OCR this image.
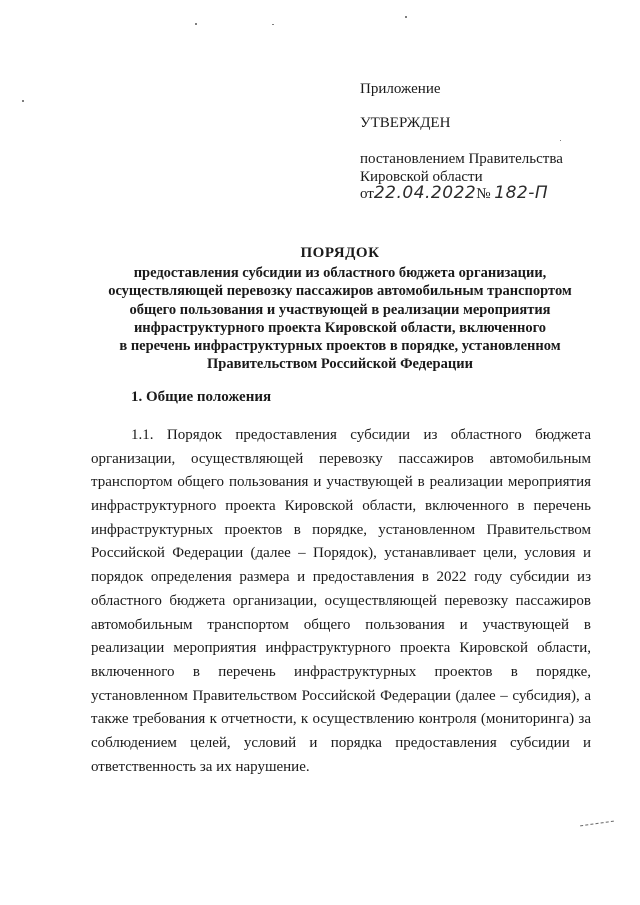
Приложение
УТВЕРЖДЕН
постановлением Правительства
Кировской области
от22.04.2022№ 182-П
ПОРЯДОК
предоставления субсидии из областного бюджета организации,
осуществляющей перевозку пассажиров автомобильным транспортом
общего пользования и участвующей в реализации мероприятия
инфраструктурного проекта Кировской области, включенного
в перечень инфраструктурных проектов в порядке, установленном
Правительством Российской Федерации
1. Общие положения
1.1. Порядок предоставления субсидии из областного бюджета
организации, осуществляющей перевозку пассажиров автомобильным
транспортом общего пользования и участвующей в реализации мероприятия
инфраструктурного проекта Кировской области, включенного в перечень
инфраструктурных проектов в порядке, установленном Правительством
Российской Федерации (далее – Порядок), устанавливает цели, условия и
порядок определения размера и предоставления в 2022 году субсидии из
областного бюджета организации, осуществляющей перевозку пассажиров
автомобильным транспортом общего пользования и участвующей в
реализации мероприятия инфраструктурного проекта Кировской области,
включенного в перечень инфраструктурных проектов в порядке,
установленном Правительством Российской Федерации (далее – субсидия), а
также требования к отчетности, к осуществлению контроля (мониторинга) за
соблюдением целей, условий и порядка предоставления субсидии и
ответственность за их нарушение.
